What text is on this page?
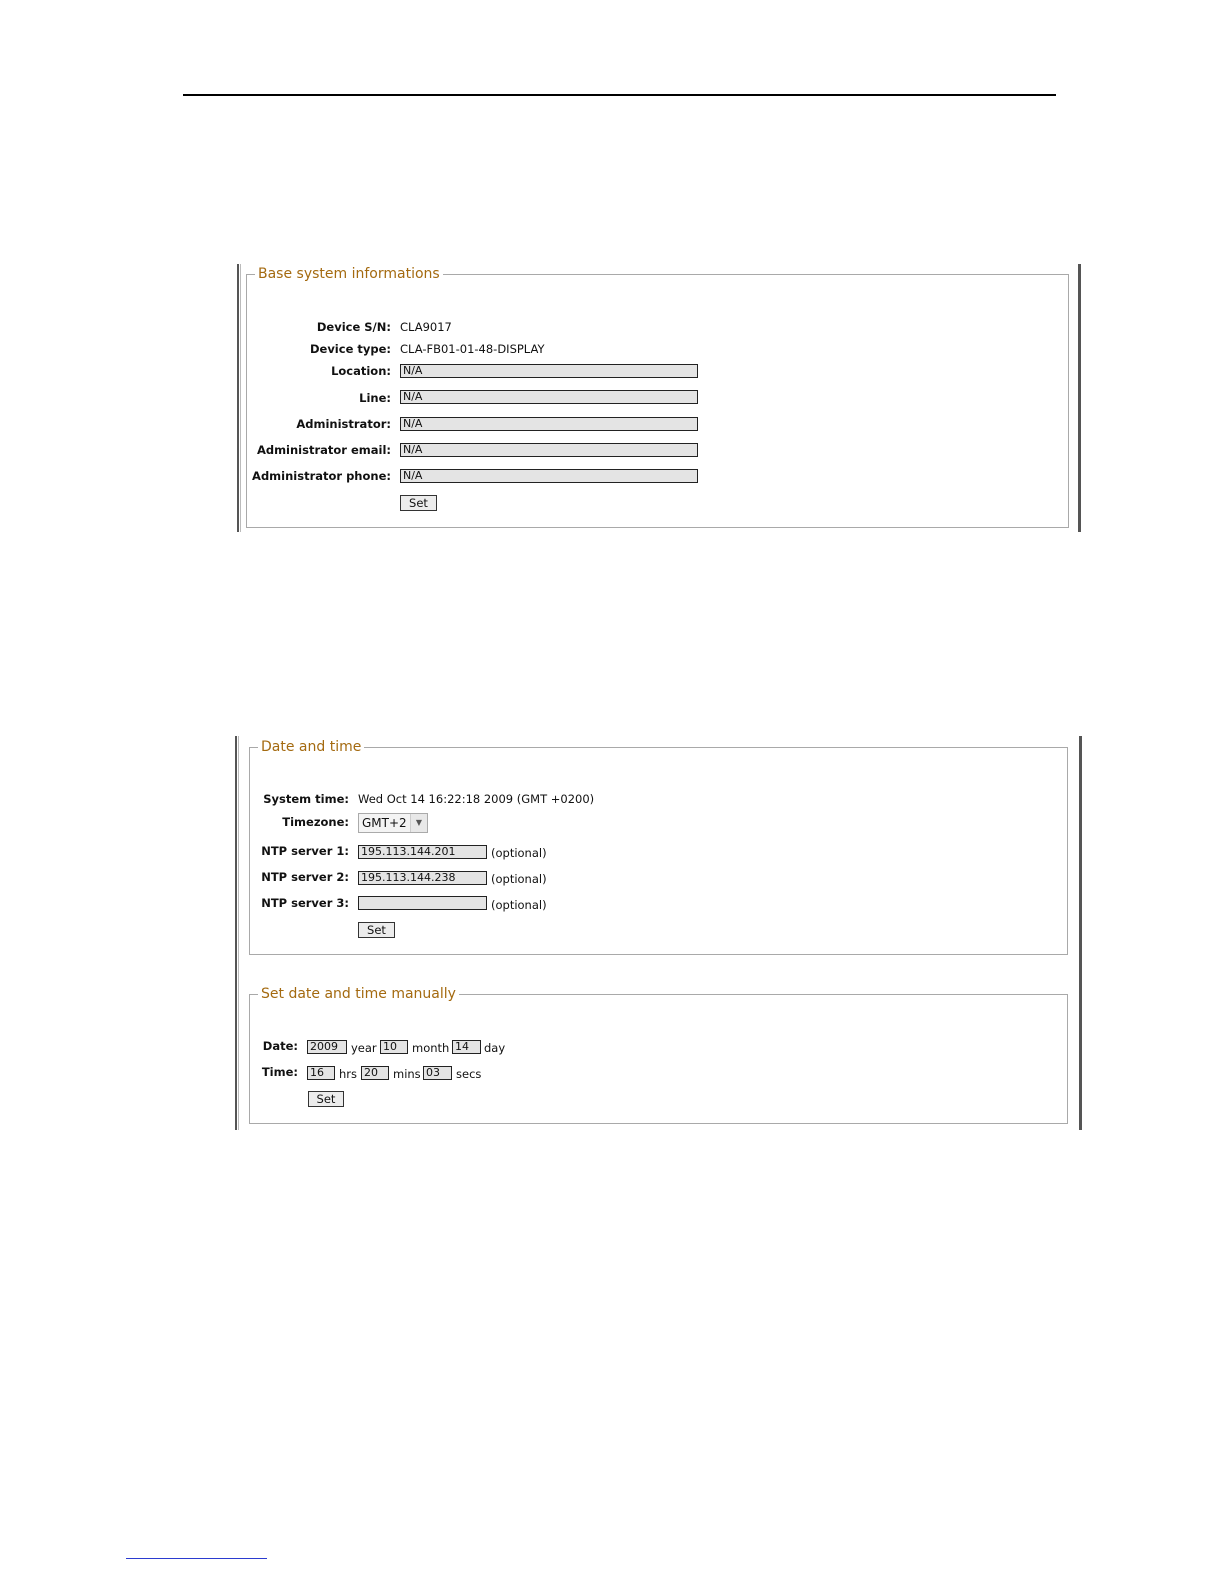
Base system informations
Device S/N: CLA9017
Device type: CLA-FB01-01-48-DISPLAY
Location: N/A
Line: N/A
Administrator: N/A
Administrator email: N/A
Administrator phone: N/A
Set
Date and time
System time: Wed Oct 14 16:22:18 2009 (GMT +0200)
Timezone:	GMT+2	▼
NTP server 1: 195.113.144.201	(optional)
NTP server 2: 195.113.144.238	(optional)
NTP server 3:	(optional)
Set
Set date and time manually
Date: 2009	year 10	month 14	day
Time: 16	hrs 20	mins 03	secs
Set
